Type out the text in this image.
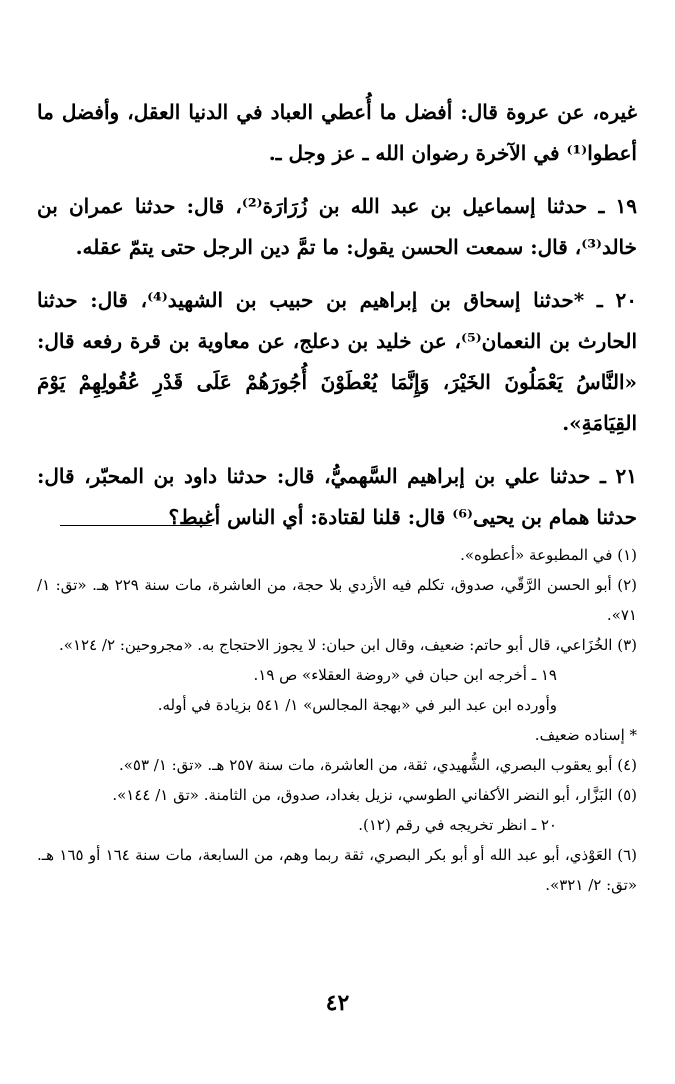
غيره، عن عروة قال: أفضل ما أُعطي العباد في الدنيا العقل، وأفضل ما أعطوا⁽¹⁾ في الآخرة رضوان الله ـ عز وجل ـ.

١٩ ـ حدثنا إسماعيل بن عبد الله بن زُرَارَة⁽²⁾، قال: حدثنا عمران بن خالد⁽³⁾، قال: سمعت الحسن يقول: ما تمَّ دين الرجل حتى يتمّ عقله.

٢٠ ـ *حدثنا إسحاق بن إبراهيم بن حبيب بن الشهيد⁽⁴⁾، قال: حدثنا الحارث بن النعمان⁽⁵⁾، عن خليد بن دعلج، عن معاوية بن قرة رفعه قال: «النَّاسُ يَعْمَلُونَ الخَيْرَ، وَإِنَّمَا يُعْطَوْنَ أُجُورَهُمْ عَلَى قَدْرِ عُقُولِهِمْ يَوْمَ القِيَامَةِ».

٢١ ـ حدثنا علي بن إبراهيم السَّهميُّ، قال: حدثنا داود بن المحبّر، قال: حدثنا همام بن يحيى⁽⁶⁾ قال: قلنا لقتادة: أي الناس أغبط؟

(١) في المطبوعة «أعطوه».

(٢) أبو الحسن الرَّقّي، صدوق، تكلم فيه الأزدي بلا حجة، من العاشرة، مات سنة ٢٢٩ هـ. «تق: ١/ ٧١».

(٣) الخُزَاعي، قال أبو حاتم: ضعيف، وقال ابن حبان: لا يجوز الاحتجاج به. «مجروحين: ٢/ ١٢٤».

١٩ ـ أخرجه ابن حبان في «روضة العقلاء» ص ١٩.

وأورده ابن عبد البر في «بهجة المجالس» ١/ ٥٤١ بزيادة في أوله.

* إسناده ضعيف.

(٤) أبو يعقوب البصري، الشُّهيدي، ثقة، من العاشرة، مات سنة ٢٥٧ هـ. «تق: ١/ ٥٣».

(٥) البَزَّار، أبو النضر الأكفاني الطوسي، نزيل بغداد، صدوق، من الثامنة. «تق ١/ ١٤٤».

٢٠ ـ انظر تخريجه في رقم (١٢).

(٦) العَوْذي، أبو عبد الله أو أبو بكر البصري، ثقة ربما وهم، من السابعة، مات سنة ١٦٤ أو ١٦٥ هـ. «تق: ٢/ ٣٢١».

٤٢
